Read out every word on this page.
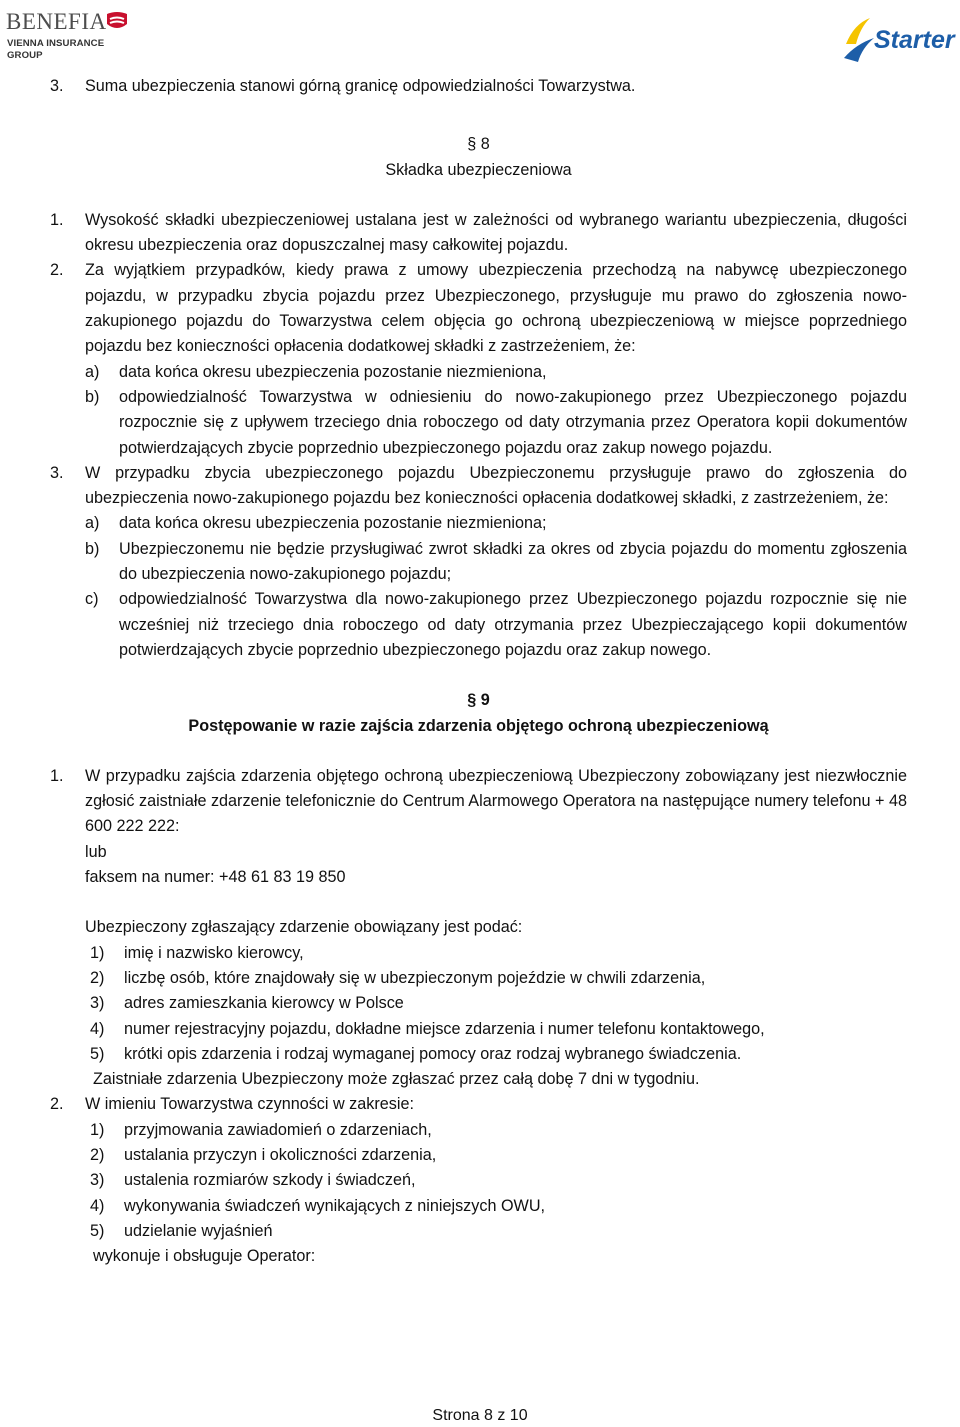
BENEFIA
VIENNA INSURANCE GROUP
Starter
3.	Suma ubezpieczenia stanowi górną granicę odpowiedzialności Towarzystwa.
§ 8
Składka ubezpieczeniowa
1.	Wysokość składki ubezpieczeniowej ustalana jest w zależności od wybranego wariantu ubezpieczenia, długości okresu ubezpieczenia oraz dopuszczalnej masy całkowitej pojazdu.
2.	Za wyjątkiem przypadków, kiedy prawa z umowy ubezpieczenia przechodzą na nabywcę ubezpieczonego pojazdu, w przypadku zbycia pojazdu przez Ubezpieczonego, przysługuje mu prawo do zgłoszenia nowo-zakupionego pojazdu do Towarzystwa celem objęcia go ochroną ubezpieczeniową w miejsce poprzedniego pojazdu bez konieczności opłacenia dodatkowej składki z zastrzeżeniem, że:
a)	data końca okresu ubezpieczenia pozostanie niezmieniona,
b)	odpowiedzialność Towarzystwa w odniesieniu do nowo-zakupionego przez Ubezpieczonego pojazdu rozpocznie się z upływem trzeciego dnia roboczego od daty otrzymania przez Operatora kopii dokumentów potwierdzających zbycie poprzednio ubezpieczonego pojazdu oraz zakup nowego pojazdu.
3.	W przypadku zbycia ubezpieczonego pojazdu Ubezpieczonemu przysługuje prawo do zgłoszenia do ubezpieczenia nowo-zakupionego pojazdu bez konieczności opłacenia dodatkowej składki, z zastrzeżeniem, że:
a)	data końca okresu ubezpieczenia pozostanie niezmieniona;
b)	Ubezpieczonemu nie będzie przysługiwać zwrot składki za okres od zbycia pojazdu do momentu zgłoszenia do ubezpieczenia nowo-zakupionego pojazdu;
c)	odpowiedzialność Towarzystwa dla nowo-zakupionego przez Ubezpieczonego pojazdu rozpocznie się nie wcześniej niż trzeciego dnia roboczego od daty otrzymania przez Ubezpieczającego kopii dokumentów potwierdzających zbycie poprzednio ubezpieczonego pojazdu oraz zakup nowego.
§ 9
Postępowanie w razie zajścia zdarzenia objętego ochroną ubezpieczeniową
1.	W przypadku zajścia zdarzenia objętego ochroną ubezpieczeniową Ubezpieczony zobowiązany jest niezwłocznie zgłosić zaistniałe zdarzenie telefonicznie do Centrum Alarmowego Operatora na następujące numery telefonu + 48 600 222 222:
lub
faksem na numer: +48 61 83 19 850
Ubezpieczony zgłaszający zdarzenie obowiązany jest podać:
1)	imię i nazwisko kierowcy,
2)	liczbę osób, które znajdowały się w ubezpieczonym pojeździe w chwili zdarzenia,
3)	adres zamieszkania kierowcy w Polsce
4)	numer rejestracyjny pojazdu, dokładne miejsce zdarzenia i numer telefonu kontaktowego,
5)	krótki opis zdarzenia i rodzaj wymaganej pomocy oraz rodzaj wybranego świadczenia.
Zaistniałe zdarzenia Ubezpieczony może zgłaszać przez całą dobę 7 dni w tygodniu.
2.	W imieniu Towarzystwa czynności w zakresie:
1)	przyjmowania zawiadomień o zdarzeniach,
2)	ustalania przyczyn i okoliczności zdarzenia,
3)	ustalenia rozmiarów szkody i świadczeń,
4)	wykonywania świadczeń wynikających z niniejszych OWU,
5)	udzielanie wyjaśnień
wykonuje i obsługuje Operator:
Strona 8 z 10
